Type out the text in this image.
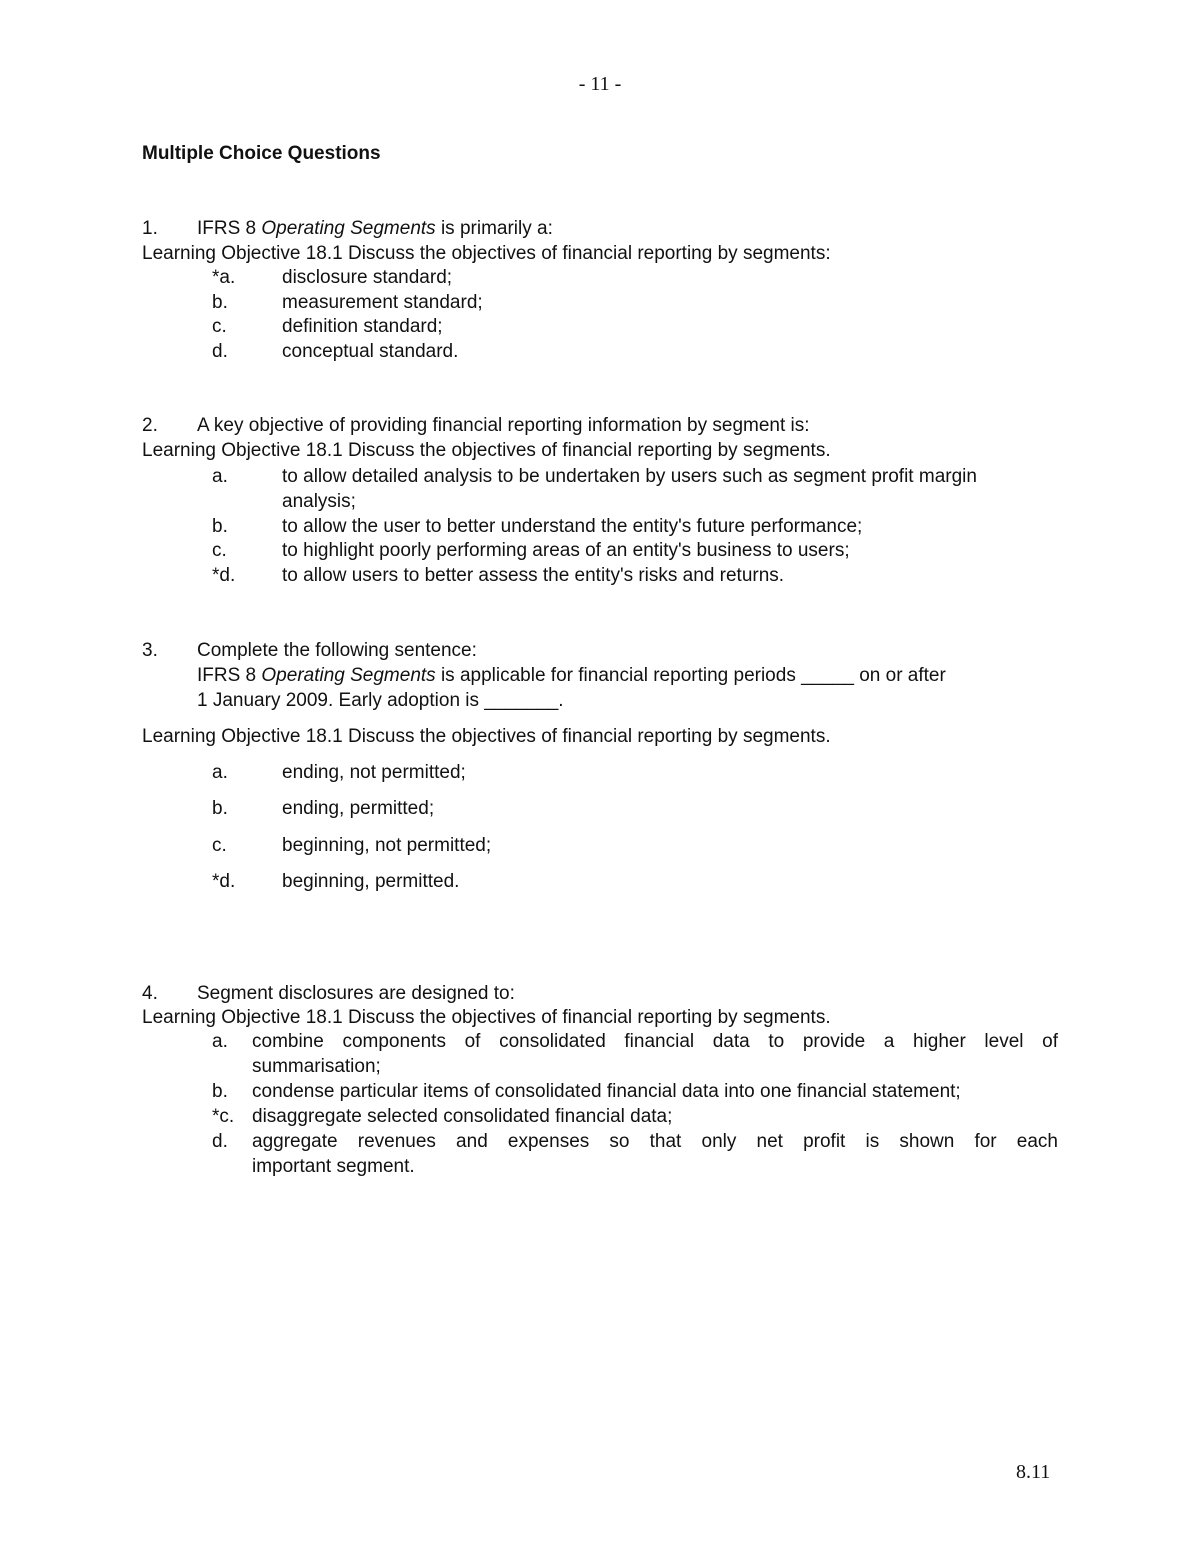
- 11 -
Multiple Choice Questions
1. IFRS 8 Operating Segments is primarily a:
Learning Objective 18.1 Discuss the objectives of financial reporting by segments:
*a. disclosure standard;
b.	measurement standard;
c.	definition standard;
d.	conceptual standard.
2. A key objective of providing financial reporting information by segment is:
Learning Objective 18.1 Discuss the objectives of financial reporting by segments.
a.	to allow detailed analysis to be undertaken by users such as segment profit margin
analysis;
b.	to allow the user to better understand the entity's future performance;
c.	to highlight poorly performing areas of an entity's business to users;
*d. to allow users to better assess the entity's risks and returns.
3. Complete the following sentence:
IFRS 8 Operating Segments is applicable for financial reporting periods _____ on or after
1 January 2009. Early adoption is _______.
Learning Objective 18.1 Discuss the objectives of financial reporting by segments.
a.	ending, not permitted;
b.	ending, permitted;
c.	beginning, not permitted;
*d. beginning, permitted.
4. Segment disclosures are designed to:
Learning Objective 18.1 Discuss the objectives of financial reporting by segments.
a. combine components of consolidated financial data to provide a higher level of
summarisation;
b. condense particular items of consolidated financial data into one financial statement;
*c. disaggregate selected consolidated financial data;
d. aggregate revenues and expenses so that only net profit is shown for each
important segment.
8.11
